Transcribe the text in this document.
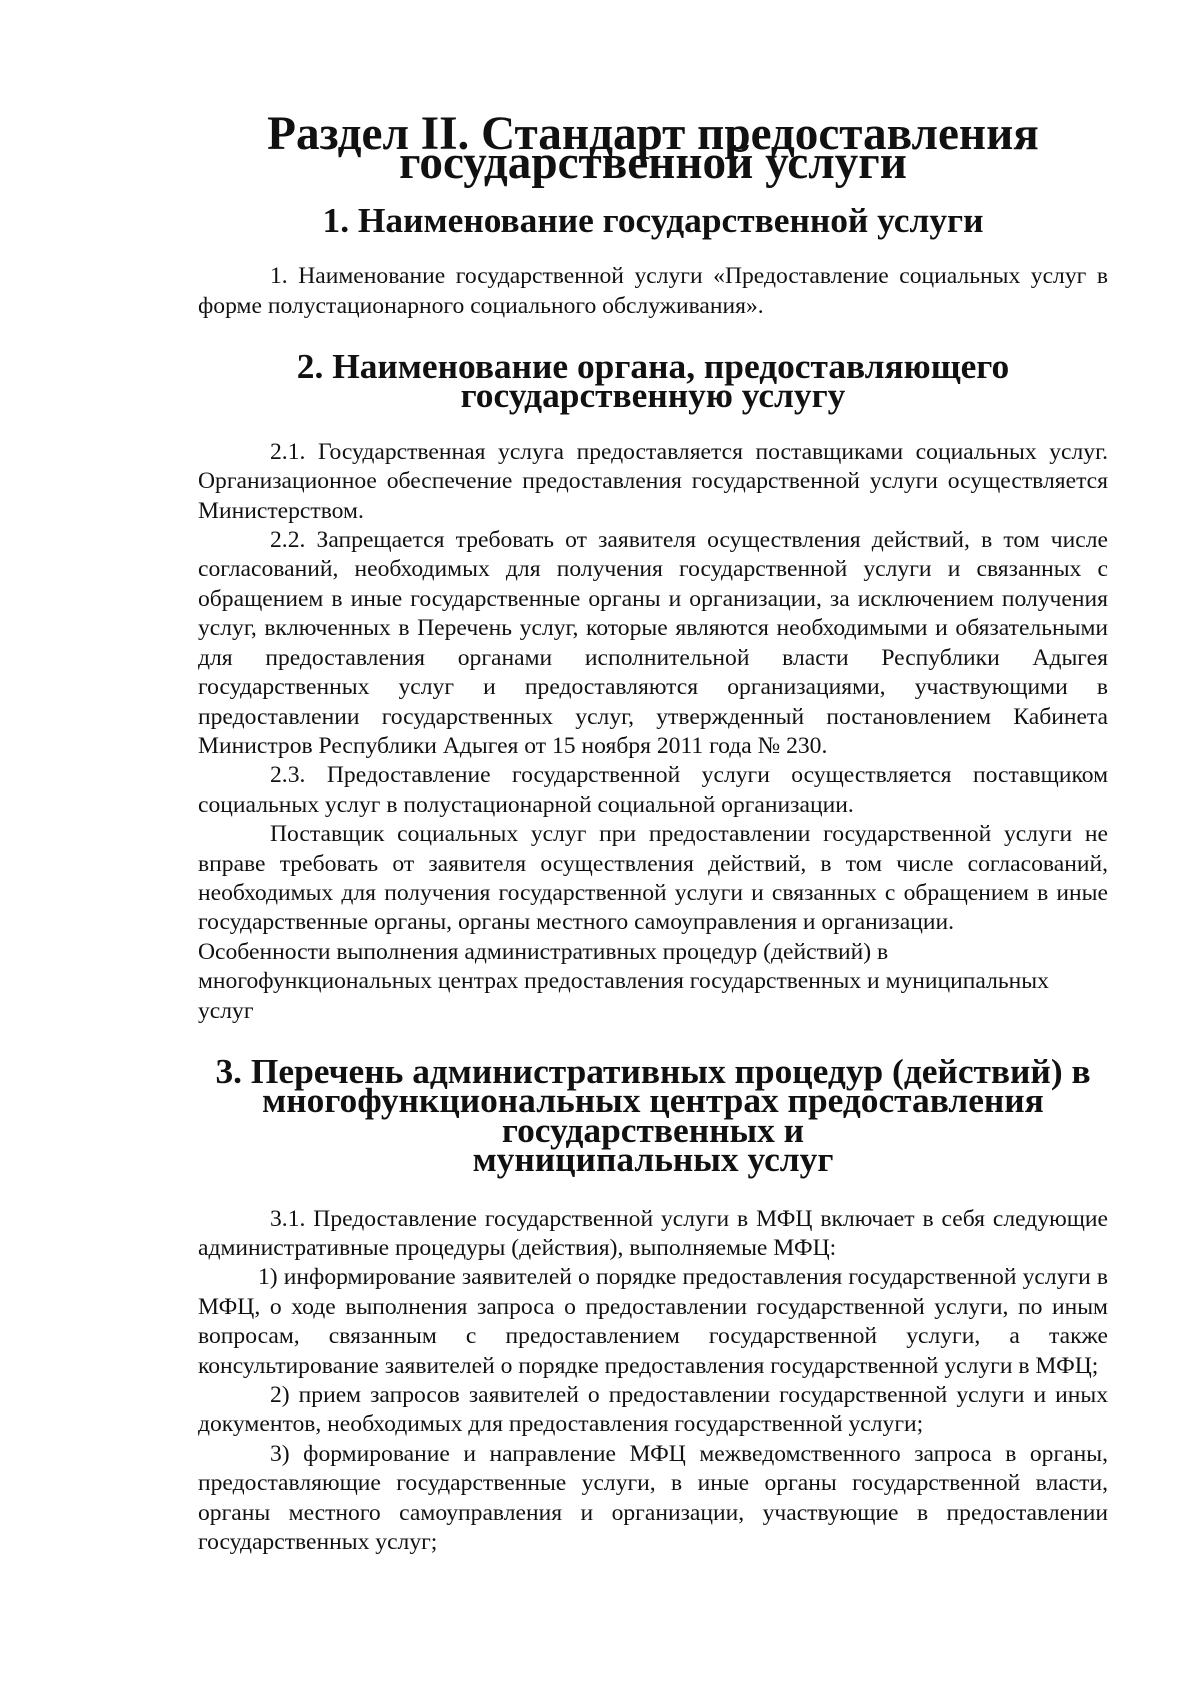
Раздел II. Стандарт предоставления государственной услуги
1. Наименование государственной услуги

1. Наименование государственной услуги «Предоставление социальных услуг в форме полустационарного социального обслуживания».

2. Наименование органа, предоставляющего государственную услугу

2.1. Государственная услуга предоставляется поставщиками социальных услуг. Организационное обеспечение предоставления государственной услуги осуществляется Министерством.

2.2. Запрещается требовать от заявителя осуществления действий, в том числе согласований, необходимых для получения государственной услуги и связанных с обращением в иные государственные органы и организации, за исключением получения услуг, включенных в Перечень услуг, которые являются необходимыми и обязательными для предоставления органами исполнительной власти Республики Адыгея государственных услуг и предоставляются организациями, участвующими в предоставлении государственных услуг, утвержденный постановлением Кабинета Министров Республики Адыгея от 15 ноября 2011 года № 230.

2.3. Предоставление государственной услуги осуществляется поставщиком социальных услуг в полустационарной социальной организации.

Поставщик социальных услуг при предоставлении государственной услуги не вправе требовать от заявителя осуществления действий, в том числе согласований, необходимых для получения государственной услуги и связанных с обращением в иные государственные органы, органы местного самоуправления и организации.

Особенности выполнения административных процедур (действий) в многофункциональных центрах предоставления государственных и муниципальных услуг

3. Перечень административных процедур (действий) в
многофункциональных центрах предоставления государственных и
муниципальных услуг

3.1. Предоставление государственной услуги в МФЦ включает в себя следующие административные процедуры (действия), выполняемые МФЦ:

1) информирование заявителей о порядке предоставления государственной услуги в МФЦ, о ходе выполнения запроса о предоставлении государственной услуги, по иным вопросам, связанным с предоставлением государственной услуги, а также консультирование заявителей о порядке предоставления государственной услуги в МФЦ;

2) прием запросов заявителей о предоставлении государственной услуги и иных документов, необходимых для предоставления государственной услуги;

3) формирование и направление МФЦ межведомственного запроса в органы, предоставляющие государственные услуги, в иные органы государственной власти, органы местного самоуправления и организации, участвующие в предоставлении государственных услуг;
